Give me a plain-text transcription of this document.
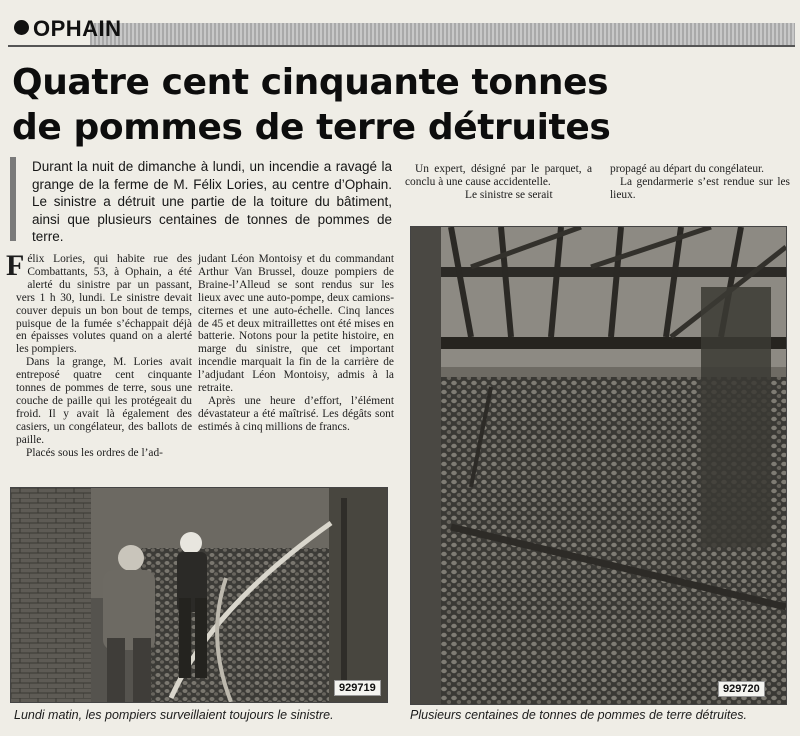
OPHAIN
Quatre cent cinquante tonnes
de pommes de terre détruites
Durant la nuit de dimanche à lundi, un incendie a ravagé la grange de la ferme de M. Félix Lories, au centre d’Ophain. Le sinistre a détruit une partie de la toiture du bâtiment, ainsi que plusieurs centaines de tonnes de pommes de terre.

Félix Lories, qui habite rue des Combattants, 53, à Ophain, a été alerté du sinistre par un passant, vers 1 h 30, lundi. Le sinistre devait couver depuis un bon bout de temps, puisque de la fumée s’échappait déjà en épaisses volutes quand on a alerté les pompiers.

Dans la grange, M. Lories avait entreposé quatre cent cinquante tonnes de pommes de terre, sous une couche de paille qui les protégeait du froid. Il y avait là également des casiers, un congélateur, des ballots de paille.

Placés sous les ordres de l’ad-

judant Léon Montoisy et du commandant Arthur Van Brussel, douze pompiers de Braine-l’Alleud se sont rendus sur les lieux avec une auto-pompe, deux camions-citernes et une auto-échelle. Cinq lances de 45 et deux mitraillettes ont été mises en batterie. Notons pour la petite histoire, en marge du sinistre, que cet important incendie marquait la fin de la carrière de l’adjudant Léon Montoisy, admis à la retraite.

Après une heure d’effort, l’élément dévastateur a été maîtrisé. Les dégâts sont estimés à cinq millions de francs.

Un expert, désigné par le parquet, a conclu à une cause accidentelle.

Le sinistre se serait

propagé au départ du congélateur.

La gendarmerie s’est rendue sur les lieux.

929719	929720
Lundi matin, les pompiers surveillaient toujours le sinistre.	Plusieurs centaines de tonnes de pommes de terre détruites.
